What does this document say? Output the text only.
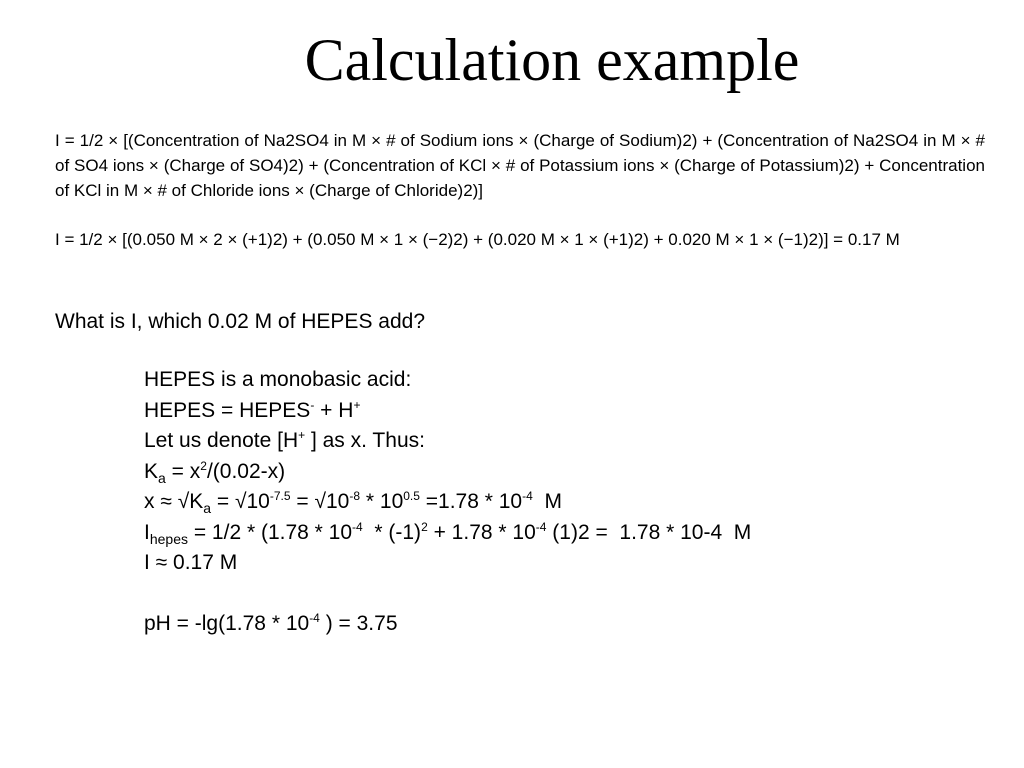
Calculation example
I = 1/2 × [(Concentration of Na2SO4 in M × # of Sodium ions × (Charge of Sodium)2) + (Concentration of Na2SO4 in M × # of SO4 ions × (Charge of SO4)2) + (Concentration of KCl × # of Potassium ions × (Charge of Potassium)2) + Concentration of KCl in M × # of Chloride ions × (Charge of Chloride)2)]
I = 1/2 × [(0.050 M × 2 × (+1)2) + (0.050 M × 1 × (−2)2) + (0.020 M × 1 × (+1)2) + 0.020 M × 1 × (−1)2)] = 0.17 M
What is I, which 0.02 M of HEPES add?
HEPES is a monobasic acid:
HEPES = HEPES- + H+
Let us denote [H+ ] as x. Thus:
$K_a = x^2/(0.02-x)$
$x \approx √K_a = √10^{-7.5} = √10^{-8} * 10^{0.5} =1.78 * 10^{-4}$  M
$I_{hepes} = 1/2 * (1.78 * 10^{-4} * (-1)^2 + 1.78 * 10^{-4}$ (1)2 =  1.78 * 10-4  M
I ≈ 0.17 M
pH = $-\lg(1.78 * 10^{-4}$ ) = 3.75
